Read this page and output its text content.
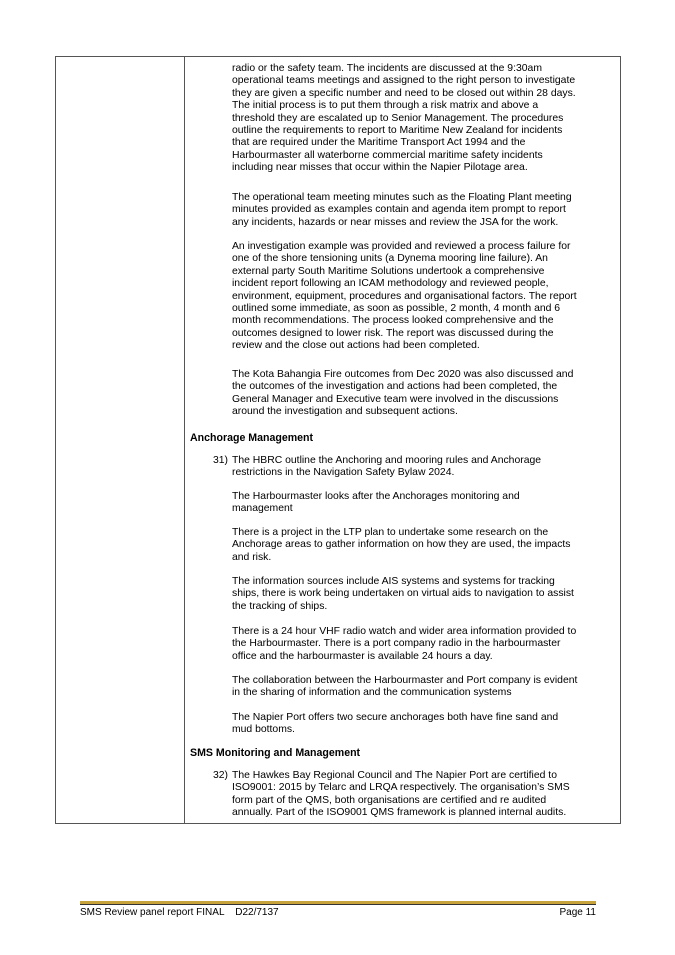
radio or the safety team. The incidents are discussed at the 9:30am
operational teams meetings and assigned to the right person to investigate
they are given a specific number and need to be closed out within 28 days.
The initial process is to put them through a risk matrix and above a
threshold they are escalated up to Senior Management. The procedures
outline the requirements to report to Maritime New Zealand for incidents
that are required under the Maritime Transport Act 1994 and the
Harbourmaster all waterborne commercial maritime safety incidents
including near misses that occur within the Napier Pilotage area.

The operational team meeting minutes such as the Floating Plant meeting
minutes provided as examples contain and agenda item prompt to report
any incidents, hazards or near misses and review the JSA for the work.

An investigation example was provided and reviewed a process failure for
one of the shore tensioning units (a Dynema mooring line failure). An
external party South Maritime Solutions undertook a comprehensive
incident report following an ICAM methodology and reviewed people,
environment, equipment, procedures and organisational factors. The report
outlined some immediate, as soon as possible, 2 month, 4 month and 6
month recommendations. The process looked comprehensive and the
outcomes designed to lower risk. The report was discussed during the
review and the close out actions had been completed.

The Kota Bahangia Fire outcomes from Dec 2020 was also discussed and
the outcomes of the investigation and actions had been completed, the
General Manager and Executive team were involved in the discussions
around the investigation and subsequent actions.

Anchorage Management

31) The HBRC outline the Anchoring and mooring rules and Anchorage
restrictions in the Navigation Safety Bylaw 2024.

The Harbourmaster looks after the Anchorages monitoring and
management

There is a project in the LTP plan to undertake some research on the
Anchorage areas to gather information on how they are used, the impacts
and risk.

The information sources include AIS systems and systems for tracking
ships, there is work being undertaken on virtual aids to navigation to assist
the tracking of ships.

There is a 24 hour VHF radio watch and wider area information provided to
the Harbourmaster. There is a port company radio in the harbourmaster
office and the harbourmaster is available 24 hours a day.

The collaboration between the Harbourmaster and Port company is evident
in the sharing of information and the communication systems

The Napier Port offers two secure anchorages both have fine sand and
mud bottoms.

SMS Monitoring and Management

32) The Hawkes Bay Regional Council and The Napier Port are certified to
ISO9001: 2015 by Telarc and LRQA respectively. The organisation’s SMS
form part of the QMS, both organisations are certified and re audited
annually. Part of the ISO9001 QMS framework is planned internal audits.
SMS Review panel report FINAL    D22/7137	Page 11
